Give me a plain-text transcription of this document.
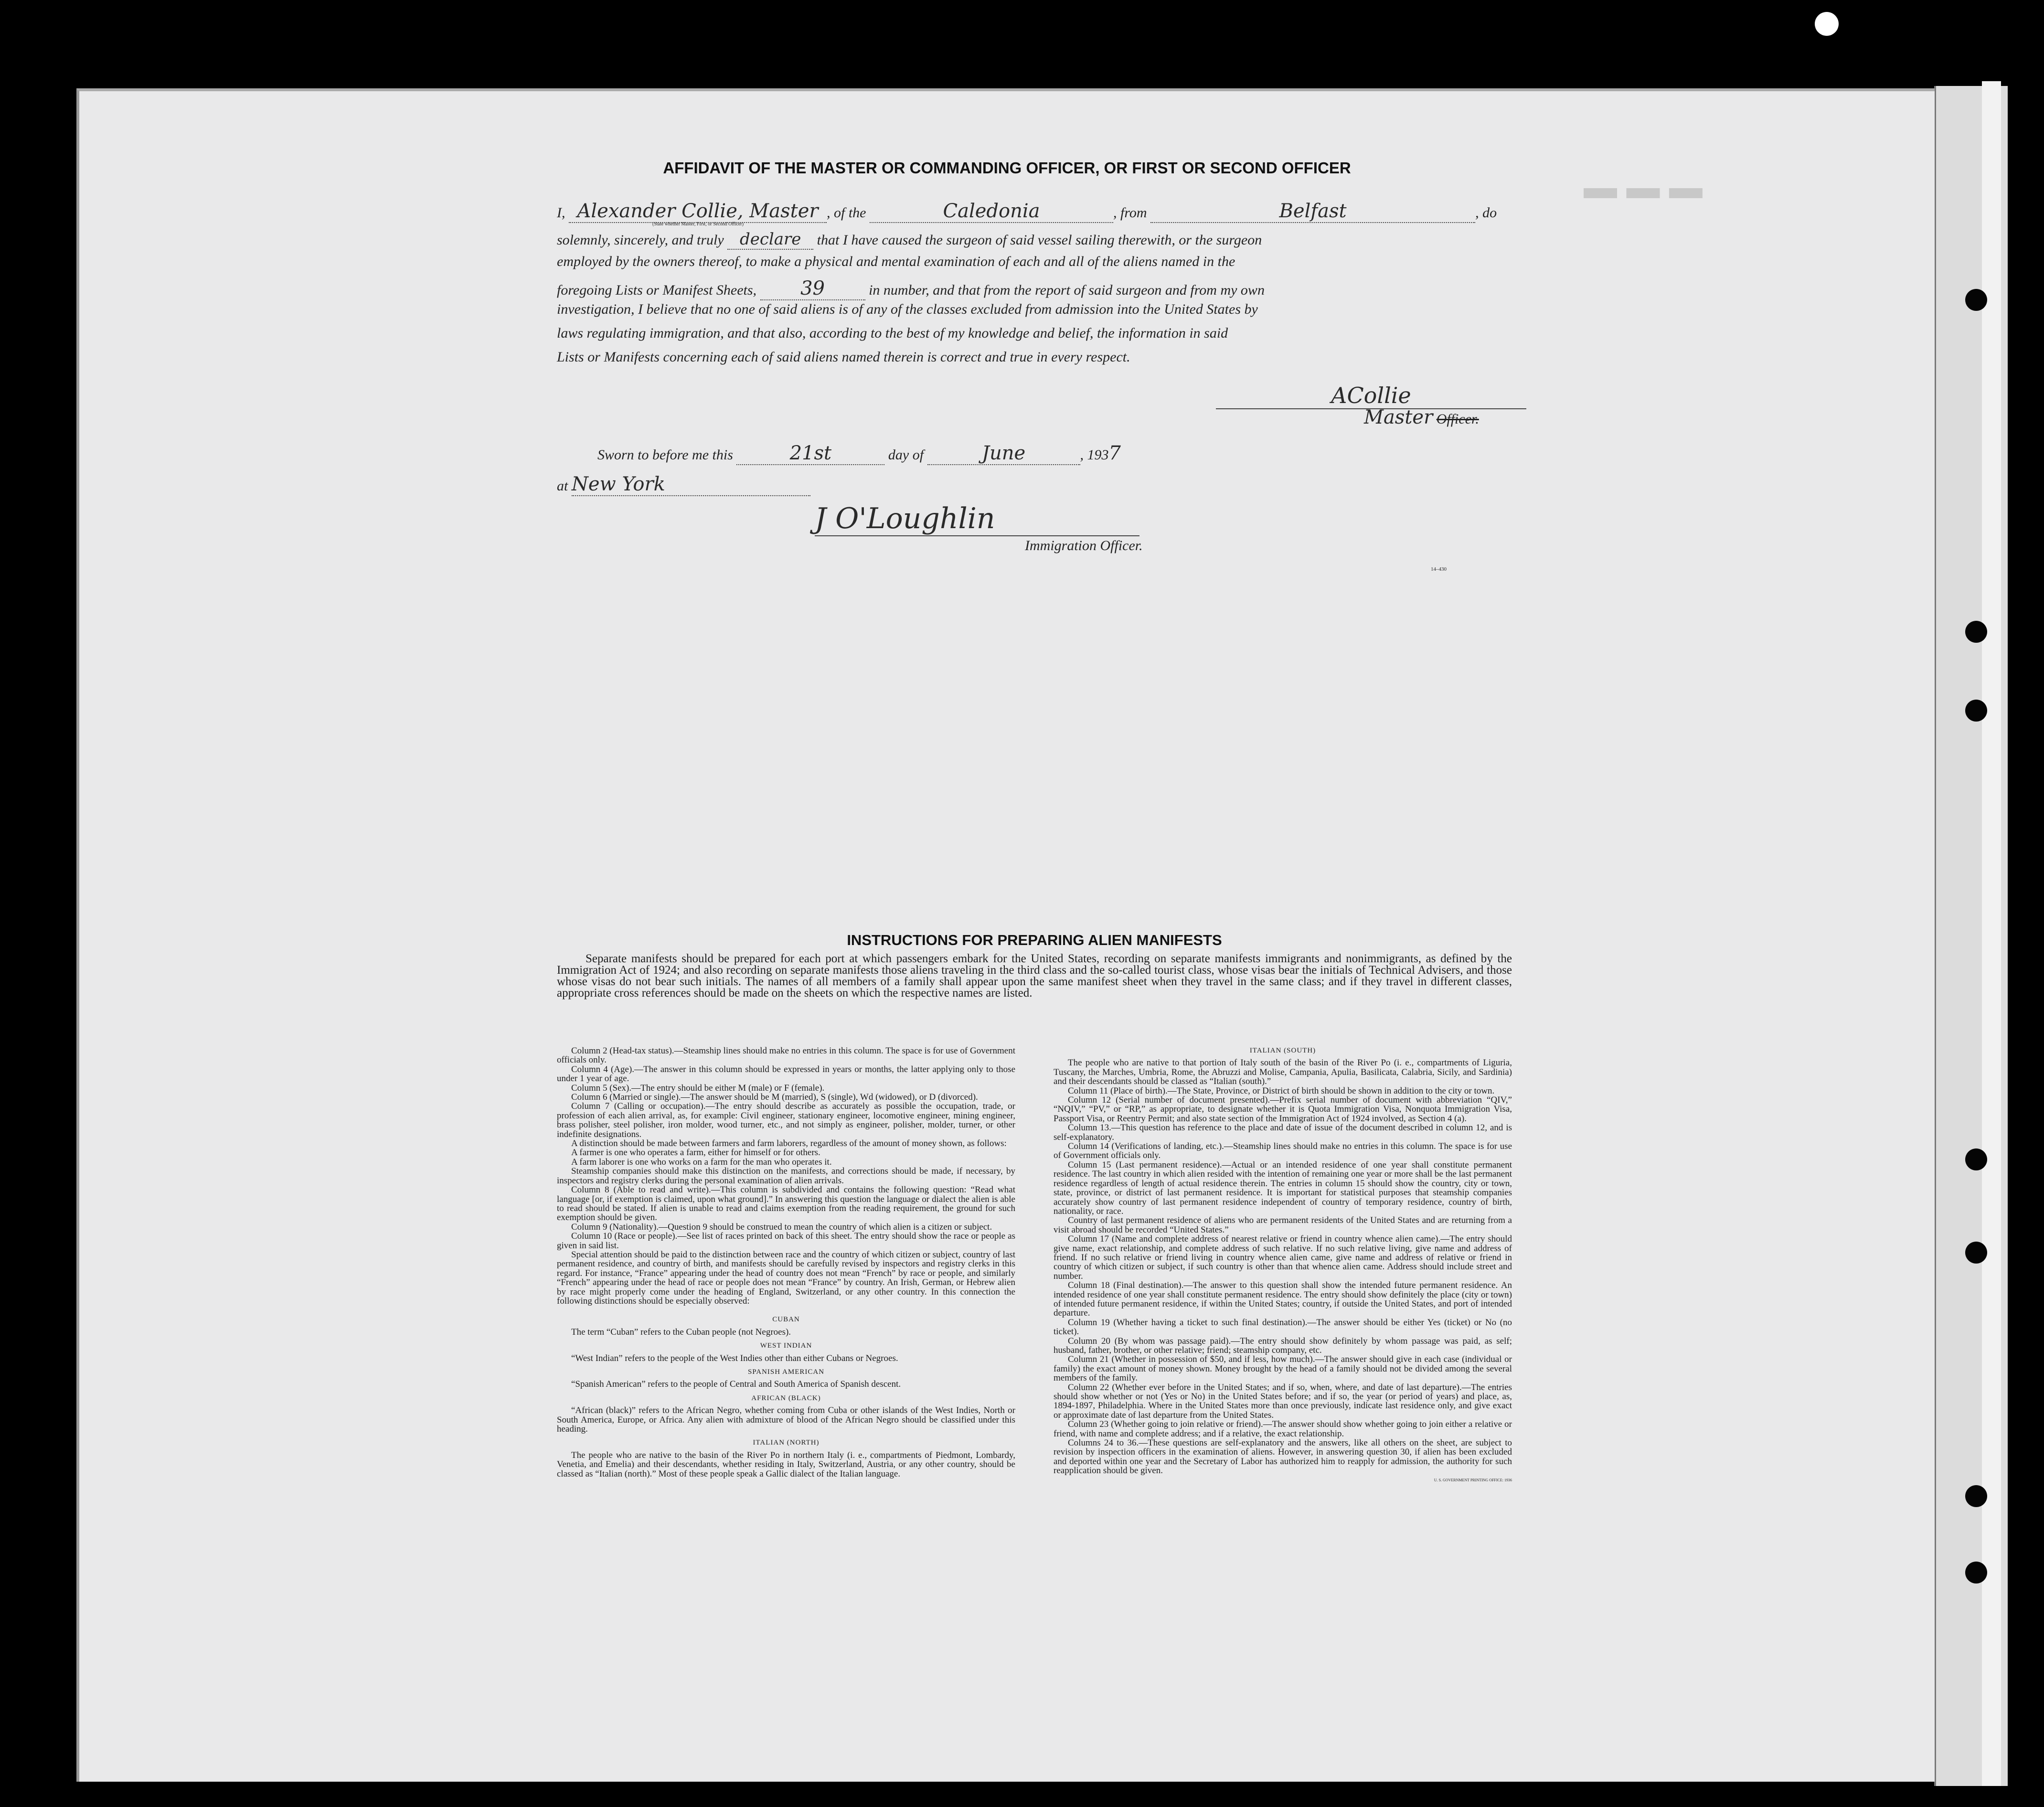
▬ ▬ ▬
AFFIDAVIT OF THE MASTER OR COMMANDING OFFICER, OR FIRST OR SECOND OFFICER
I, Alexander Collie, Master , of the	Caledonia	, from	Belfast	, do
(State whether Master, First, or Second Officer)
solemnly, sincerely, and truly declare that I have caused the surgeon of said vessel sailing therewith, or the surgeon
employed by the owners thereof, to make a physical and mental examination of each and all of the aliens named in the
foregoing Lists or Manifest Sheets, 39	in number, and that from the report of said surgeon and from my own
investigation, I believe that no one of said aliens is of any of the classes excluded from admission into the United States by
laws regulating immigration, and that also, according to the best of my knowledge and belief, the information in said
Lists or Manifests concerning each of said aliens named therein is correct and true in every respect.
ACollie
Master Officer.
Sworn to before me this	21st	day of	June	, 1937
at New York
J O'Loughlin
Immigration Officer.
14–430
INSTRUCTIONS FOR PREPARING ALIEN MANIFESTS
Separate manifests should be prepared for each port at which passengers embark for the United States, recording on separate manifests immigrants and nonimmigrants, as defined by the Immigration Act of 1924; and also recording on separate manifests those aliens traveling in the third class and the so-called tourist class, whose visas bear the initials of Technical Advisers, and those whose visas do not bear such initials. The names of all members of a family shall appear upon the same manifest sheet when they travel in the same class; and if they travel in different classes, appropriate cross references should be made on the sheets on which the respective names are listed.

Column 2 (Head-tax status).—Steamship lines should make no entries in this column. The space is for use of Government officials only.

Column 4 (Age).—The answer in this column should be expressed in years or months, the latter applying only to those under 1 year of age.

Column 5 (Sex).—The entry should be either M (male) or F (female).

Column 6 (Married or single).—The answer should be M (married), S (single), Wd (widowed), or D (divorced).

Column 7 (Calling or occupation).—The entry should describe as accurately as possible the occupation, trade, or profession of each alien arrival, as, for example: Civil engineer, stationary engineer, locomotive engineer, mining engineer, brass polisher, steel polisher, iron molder, wood turner, etc., and not simply as engineer, polisher, molder, turner, or other indefinite designations.

A distinction should be made between farmers and farm laborers, regardless of the amount of money shown, as follows:

A farmer is one who operates a farm, either for himself or for others.

A farm laborer is one who works on a farm for the man who operates it.

Steamship companies should make this distinction on the manifests, and corrections should be made, if necessary, by inspectors and registry clerks during the personal examination of alien arrivals.

Column 8 (Able to read and write).—This column is subdivided and contains the following question: “Read what language [or, if exemption is claimed, upon what ground].” In answering this question the language or dialect the alien is able to read should be stated. If alien is unable to read and claims exemption from the reading requirement, the ground for such exemption should be given.

Column 9 (Nationality).—Question 9 should be construed to mean the country of which alien is a citizen or subject.

Column 10 (Race or people).—See list of races printed on back of this sheet. The entry should show the race or people as given in said list.

Special attention should be paid to the distinction between race and the country of which citizen or subject, country of last permanent residence, and country of birth, and manifests should be carefully revised by inspectors and registry clerks in this regard. For instance, “France” appearing under the head of country does not mean “French” by race or people, and similarly “French” appearing under the head of race or people does not mean “France” by country. An Irish, German, or Hebrew alien by race might properly come under the heading of England, Switzerland, or any other country. In this connection the following distinctions should be especially observed:

CUBAN

The term “Cuban” refers to the Cuban people (not Negroes).

WEST INDIAN

“West Indian” refers to the people of the West Indies other than either Cubans or Negroes.

SPANISH AMERICAN

“Spanish American” refers to the people of Central and South America of Spanish descent.

AFRICAN (BLACK)

“African (black)” refers to the African Negro, whether coming from Cuba or other islands of the West Indies, North or South America, Europe, or Africa. Any alien with admixture of blood of the African Negro should be classified under this heading.

ITALIAN (NORTH)

The people who are native to the basin of the River Po in northern Italy (i. e., compartments of Piedmont, Lombardy, Venetia, and Emelia) and their descendants, whether residing in Italy, Switzerland, Austria, or any other country, should be classed as “Italian (north).” Most of these people speak a Gallic dialect of the Italian language.

ITALIAN (SOUTH)

The people who are native to that portion of Italy south of the basin of the River Po (i. e., compartments of Liguria, Tuscany, the Marches, Umbria, Rome, the Abruzzi and Molise, Campania, Apulia, Basilicata, Calabria, Sicily, and Sardinia) and their descendants should be classed as “Italian (south).”

Column 11 (Place of birth).—The State, Province, or District of birth should be shown in addition to the city or town.

Column 12 (Serial number of document presented).—Prefix serial number of document with abbreviation “QIV,” “NQIV,” “PV,” or “RP,” as appropriate, to designate whether it is Quota Immigration Visa, Nonquota Immigration Visa, Passport Visa, or Reentry Permit; and also state section of the Immigration Act of 1924 involved, as Section 4 (a).

Column 13.—This question has reference to the place and date of issue of the document described in column 12, and is self-explanatory.

Column 14 (Verifications of landing, etc.).—Steamship lines should make no entries in this column. The space is for use of Government officials only.

Column 15 (Last permanent residence).—Actual or an intended residence of one year shall constitute permanent residence. The last country in which alien resided with the intention of remaining one year or more shall be the last permanent residence regardless of length of actual residence therein. The entries in column 15 should show the country, city or town, state, province, or district of last permanent residence. It is important for statistical purposes that steamship companies accurately show country of last permanent residence independent of country of temporary residence, country of birth, nationality, or race.

Country of last permanent residence of aliens who are permanent residents of the United States and are returning from a visit abroad should be recorded “United States.”

Column 17 (Name and complete address of nearest relative or friend in country whence alien came).—The entry should give name, exact relationship, and complete address of such relative. If no such relative living, give name and address of friend. If no such relative or friend living in country whence alien came, give name and address of relative or friend in country of which citizen or subject, if such country is other than that whence alien came. Address should include street and number.

Column 18 (Final destination).—The answer to this question shall show the intended future permanent residence. An intended residence of one year shall constitute permanent residence. The entry should show definitely the place (city or town) of intended future permanent residence, if within the United States; country, if outside the United States, and port of intended departure.

Column 19 (Whether having a ticket to such final destination).—The answer should be either Yes (ticket) or No (no ticket).

Column 20 (By whom was passage paid).—The entry should show definitely by whom passage was paid, as self; husband, father, brother, or other relative; friend; steamship company, etc.

Column 21 (Whether in possession of $50, and if less, how much).—The answer should give in each case (individual or family) the exact amount of money shown. Money brought by the head of a family should not be divided among the several members of the family.

Column 22 (Whether ever before in the United States; and if so, when, where, and date of last departure).—The entries should show whether or not (Yes or No) in the United States before; and if so, the year (or period of years) and place, as, 1894-1897, Philadelphia. Where in the United States more than once previously, indicate last residence only, and give exact or approximate date of last departure from the United States.

Column 23 (Whether going to join relative or friend).—The answer should show whether going to join either a relative or friend, with name and complete address; and if a relative, the exact relationship.

Columns 24 to 36.—These questions are self-explanatory and the answers, like all others on the sheet, are subject to revision by inspection officers in the examination of aliens. However, in answering question 30, if alien has been excluded and deported within one year and the Secretary of Labor has authorized him to reapply for admission, the authority for such reapplication should be given.

U. S. GOVERNMENT PRINTING OFFICE: 1936
